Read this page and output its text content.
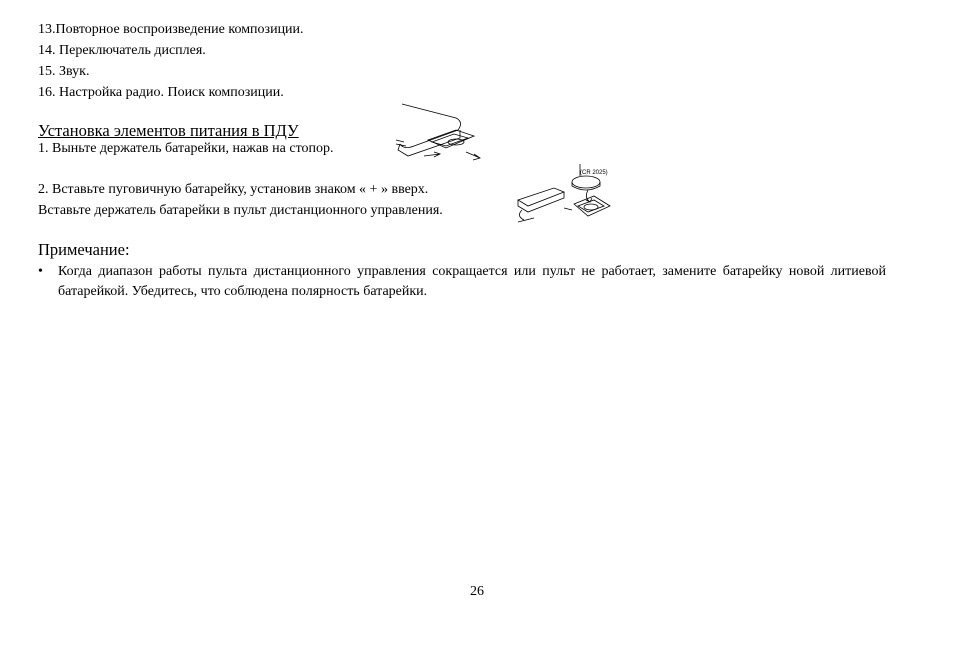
13.Повторное воспроизведение композиции.
14. Переключатель дисплея.
15. Звук.
16. Настройка радио. Поиск композиции.
Установка элементов питания в ПДУ
1. Выньте держатель батарейки, нажав на стопор.
2. Вставьте пуговичную батарейку, установив знаком « + » вверх.
Вставьте держатель батарейки в пульт дистанционного управления.
(CR 2025)
Примечание:
•	Когда диапазон работы пульта дистанционного управления сокращается или пульт не работает, замените батарейку новой литиевой батарейкой. Убедитесь, что соблюдена полярность батарейки.
26
